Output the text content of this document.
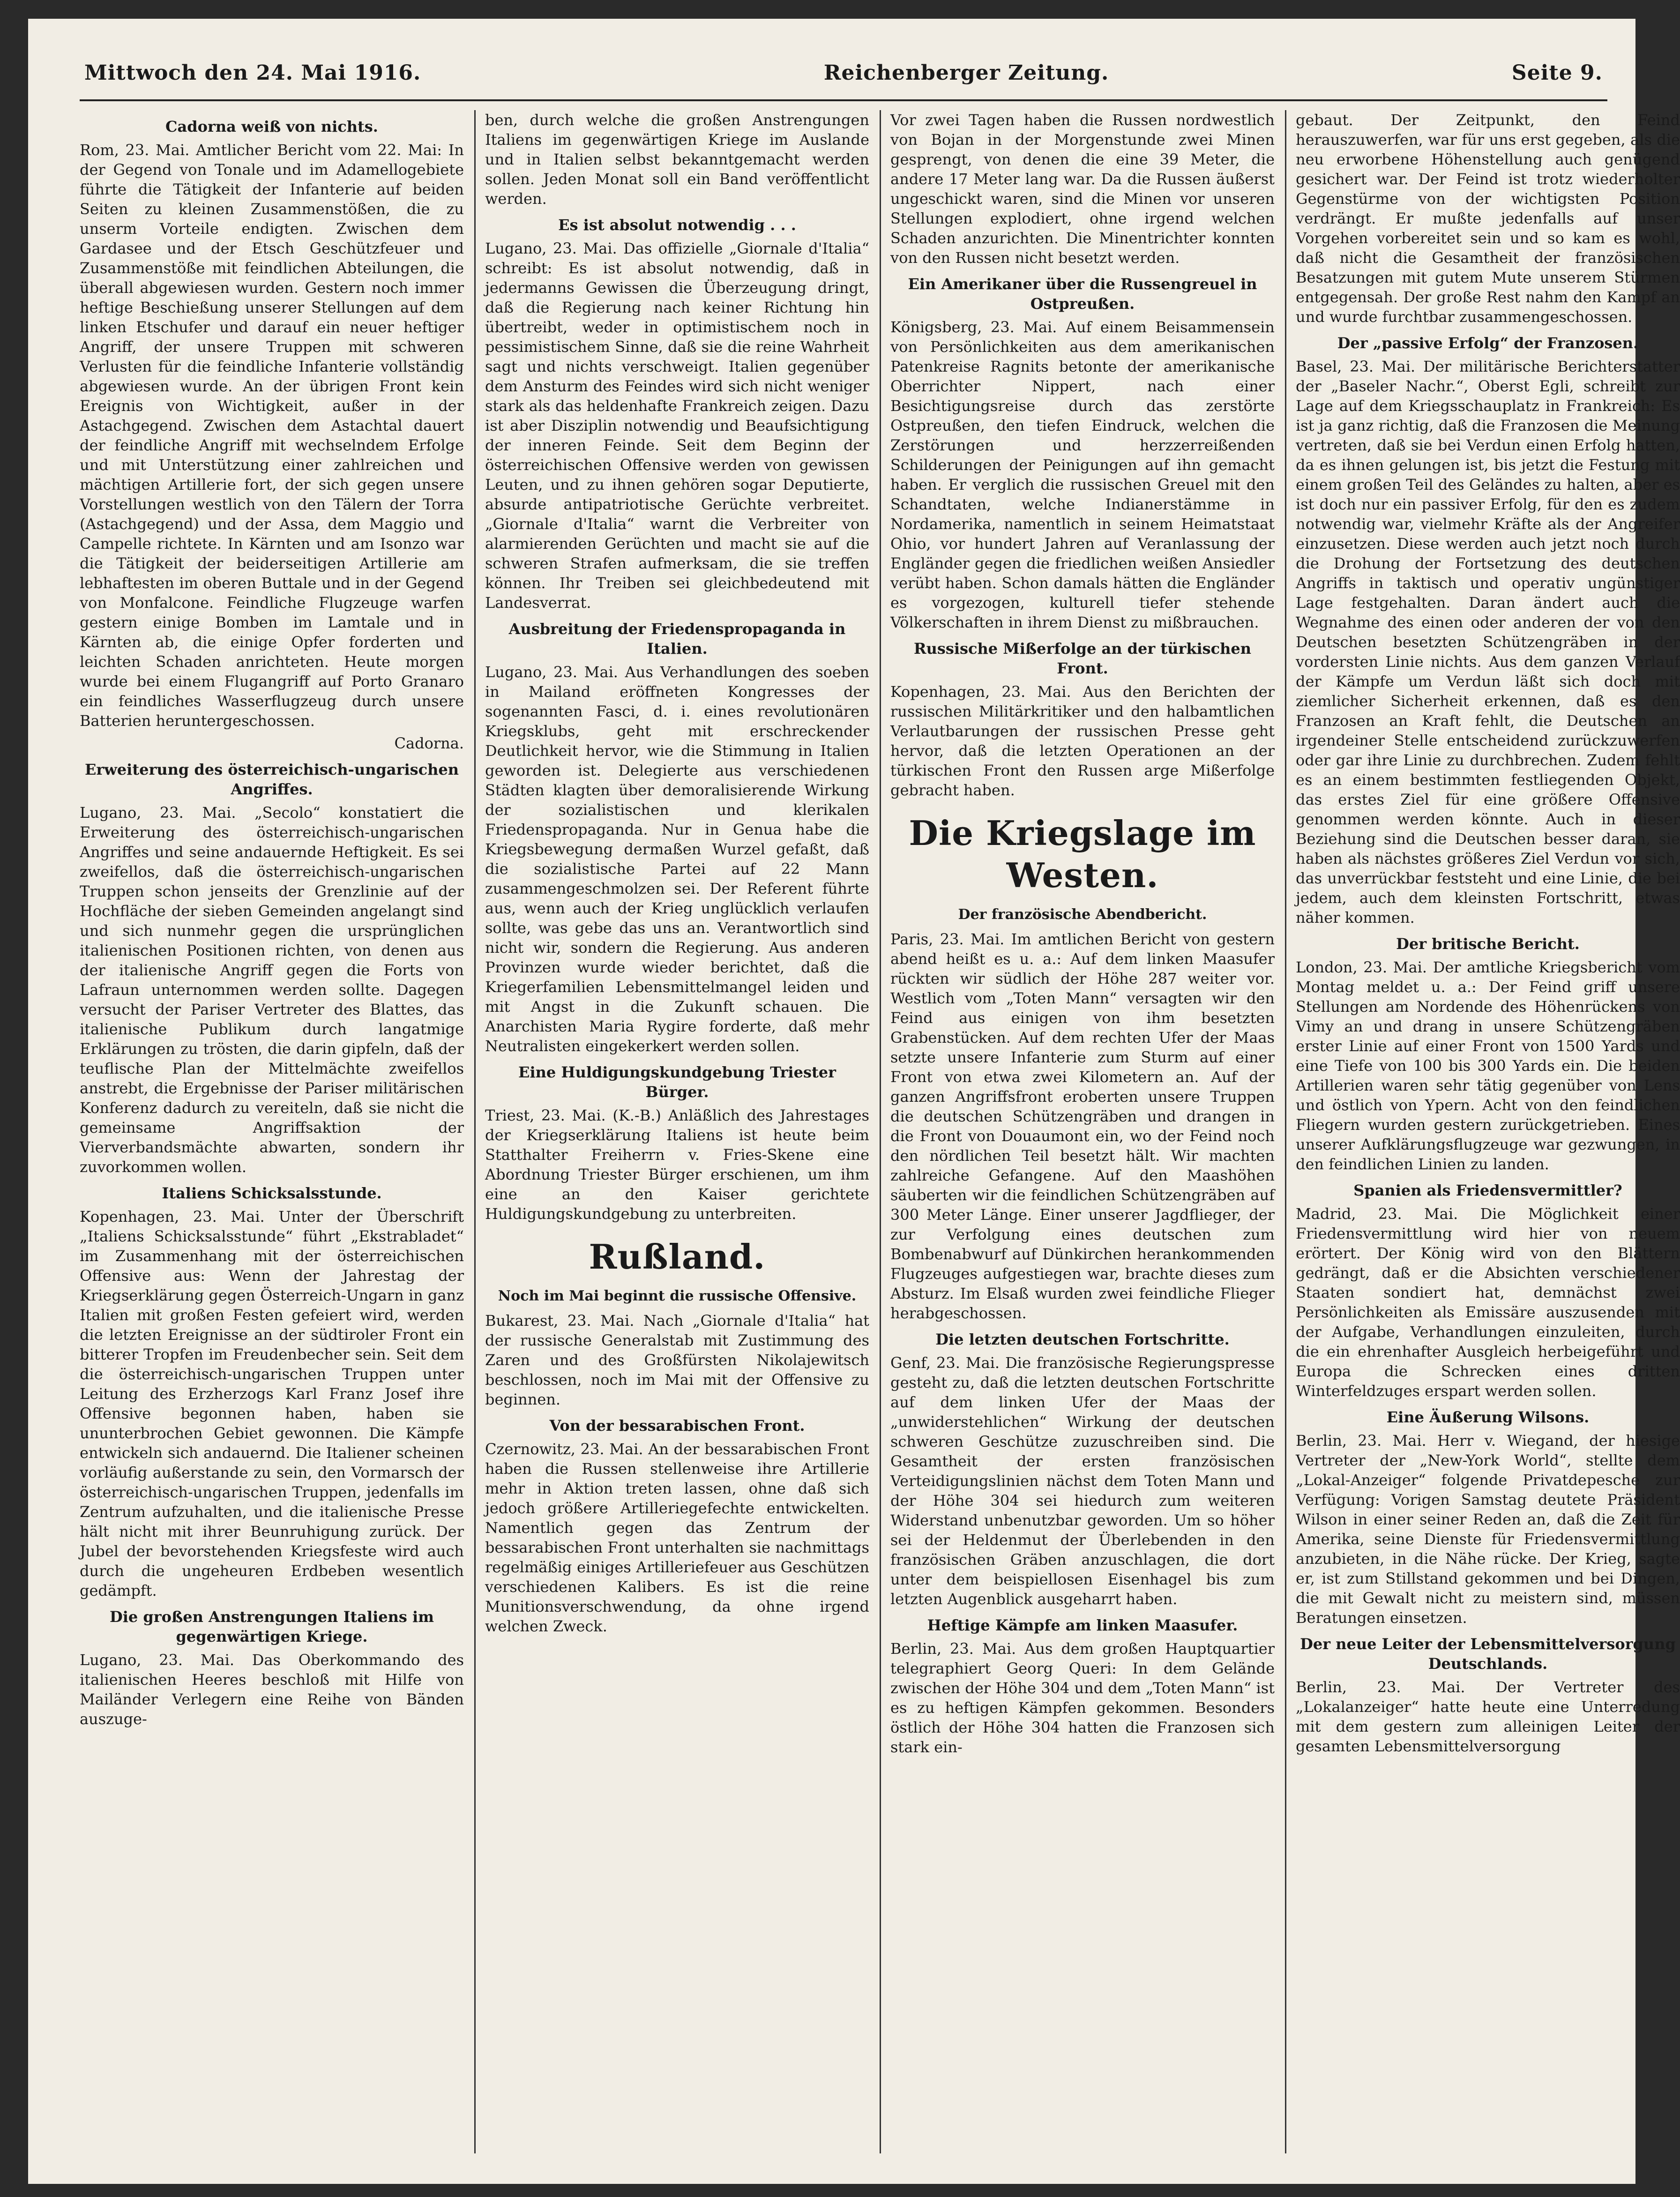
Mittwoch den 24. Mai 1916.	Reichenberger Zeitung.	Seite 9.
Cadorna weiß von nichts.
Rom, 23. Mai. Amtlicher Bericht vom 22. Mai: In der Gegend von Tonale und im Adamellogebiete führte die Tätigkeit der Infanterie auf beiden Seiten zu kleinen Zusammenstößen, die zu unserm Vorteile endigten. Zwischen dem Gardasee und der Etsch Geschützfeuer und Zusammenstöße mit feindlichen Abteilungen, die überall abgewiesen wurden. Gestern noch immer heftige Beschießung unserer Stellungen auf dem linken Etschufer und darauf ein neuer heftiger Angriff, der unsere Truppen mit schweren Verlusten für die feindliche Infanterie vollständig abgewiesen wurde. An der übrigen Front kein Ereignis von Wichtigkeit, außer in der Astachgegend. Zwischen dem Astachtal dauert der feindliche Angriff mit wechselndem Erfolge und mit Unterstützung einer zahlreichen und mächtigen Artillerie fort, der sich gegen unsere Vorstellungen westlich von den Tälern der Torra (Astachgegend) und der Assa, dem Maggio und Campelle richtete. In Kärnten und am Isonzo war die Tätigkeit der beiderseitigen Artillerie am lebhaftesten im oberen Buttale und in der Gegend von Monfalcone. Feindliche Flugzeuge warfen gestern einige Bomben im Lamtale und in Kärnten ab, die einige Opfer forderten und leichten Schaden anrichteten. Heute morgen wurde bei einem Flugangriff auf Porto Granaro ein feindliches Wasserflugzeug durch unsere Batterien heruntergeschossen.
Cadorna.
Erweiterung des österreichisch-ungarischen Angriffes.
Lugano, 23. Mai. „Secolo“ konstatiert die Erweiterung des österreichisch-ungarischen Angriffes und seine andauernde Heftigkeit. Es sei zweifellos, daß die österreichisch-ungarischen Truppen schon jenseits der Grenzlinie auf der Hochfläche der sieben Gemeinden angelangt sind und sich nunmehr gegen die ursprünglichen italienischen Positionen richten, von denen aus der italienische Angriff gegen die Forts von Lafraun unternommen werden sollte. Dagegen versucht der Pariser Vertreter des Blattes, das italienische Publikum durch langatmige Erklärungen zu trösten, die darin gipfeln, daß der teuflische Plan der Mittelmächte zweifellos anstrebt, die Ergebnisse der Pariser militärischen Konferenz dadurch zu vereiteln, daß sie nicht die gemeinsame Angriffsaktion der Vierverbandsmächte abwarten, sondern ihr zuvorkommen wollen.
Italiens Schicksalsstunde.
Kopenhagen, 23. Mai. Unter der Überschrift „Italiens Schicksalsstunde“ führt „Ekstrabladet“ im Zusammenhang mit der österreichischen Offensive aus: Wenn der Jahrestag der Kriegserklärung gegen Österreich-Ungarn in ganz Italien mit großen Festen gefeiert wird, werden die letzten Ereignisse an der südtiroler Front ein bitterer Tropfen im Freudenbecher sein. Seit dem die österreichisch-ungarischen Truppen unter Leitung des Erzherzogs Karl Franz Josef ihre Offensive begonnen haben, haben sie ununterbrochen Gebiet gewonnen. Die Kämpfe entwickeln sich andauernd. Die Italiener scheinen vorläufig außerstande zu sein, den Vormarsch der österreichisch-ungarischen Truppen, jedenfalls im Zentrum aufzuhalten, und die italienische Presse hält nicht mit ihrer Beunruhigung zurück. Der Jubel der bevorstehenden Kriegsfeste wird auch durch die ungeheuren Erdbeben wesentlich gedämpft.
Die großen Anstrengungen Italiens im gegenwärtigen Kriege.
Lugano, 23. Mai. Das Oberkommando des italienischen Heeres beschloß mit Hilfe von Mailänder Verlegern eine Reihe von Bänden auszuge-
ben, durch welche die großen Anstrengungen Italiens im gegenwärtigen Kriege im Auslande und in Italien selbst bekanntgemacht werden sollen. Jeden Monat soll ein Band veröffentlicht werden.
Es ist absolut notwendig . . .
Lugano, 23. Mai. Das offizielle „Giornale d'Italia“ schreibt: Es ist absolut notwendig, daß in jedermanns Gewissen die Überzeugung dringt, daß die Regierung nach keiner Richtung hin übertreibt, weder in optimistischem noch in pessimistischem Sinne, daß sie die reine Wahrheit sagt und nichts verschweigt. Italien gegenüber dem Ansturm des Feindes wird sich nicht weniger stark als das heldenhafte Frankreich zeigen. Dazu ist aber Disziplin notwendig und Beaufsichtigung der inneren Feinde. Seit dem Beginn der österreichischen Offensive werden von gewissen Leuten, und zu ihnen gehören sogar Deputierte, absurde antipatriotische Gerüchte verbreitet. „Giornale d'Italia“ warnt die Verbreiter von alarmierenden Gerüchten und macht sie auf die schweren Strafen aufmerksam, die sie treffen können. Ihr Treiben sei gleichbedeutend mit Landesverrat.
Ausbreitung der Friedenspropaganda in Italien.
Lugano, 23. Mai. Aus Verhandlungen des soeben in Mailand eröffneten Kongresses der sogenannten Fasci, d. i. eines revolutionären Kriegsklubs, geht mit erschreckender Deutlichkeit hervor, wie die Stimmung in Italien geworden ist. Delegierte aus verschiedenen Städten klagten über demoralisierende Wirkung der sozialistischen und klerikalen Friedenspropaganda. Nur in Genua habe die Kriegsbewegung dermaßen Wurzel gefaßt, daß die sozialistische Partei auf 22 Mann zusammengeschmolzen sei. Der Referent führte aus, wenn auch der Krieg unglücklich verlaufen sollte, was gebe das uns an. Verantwortlich sind nicht wir, sondern die Regierung. Aus anderen Provinzen wurde wieder berichtet, daß die Kriegerfamilien Lebensmittelmangel leiden und mit Angst in die Zukunft schauen. Die Anarchisten Maria Rygire forderte, daß mehr Neutralisten eingekerkert werden sollen.
Eine Huldigungskundgebung Triester Bürger.
Triest, 23. Mai. (K.-B.) Anläßlich des Jahrestages der Kriegserklärung Italiens ist heute beim Statthalter Freiherrn v. Fries-Skene eine Abordnung Triester Bürger erschienen, um ihm eine an den Kaiser gerichtete Huldigungskundgebung zu unterbreiten.
Rußland.
Noch im Mai beginnt die russische Offensive.
Bukarest, 23. Mai. Nach „Giornale d'Italia“ hat der russische Generalstab mit Zustimmung des Zaren und des Großfürsten Nikolajewitsch beschlossen, noch im Mai mit der Offensive zu beginnen.
Von der bessarabischen Front.
Czernowitz, 23. Mai. An der bessarabischen Front haben die Russen stellenweise ihre Artillerie mehr in Aktion treten lassen, ohne daß sich jedoch größere Artilleriegefechte entwickelten. Namentlich gegen das Zentrum der bessarabischen Front unterhalten sie nachmittags regelmäßig einiges Artilleriefeuer aus Geschützen verschiedenen Kalibers. Es ist die reine Munitionsverschwendung, da ohne irgend welchen Zweck.
Vor zwei Tagen haben die Russen nordwestlich von Bojan in der Morgenstunde zwei Minen gesprengt, von denen die eine 39 Meter, die andere 17 Meter lang war. Da die Russen äußerst ungeschickt waren, sind die Minen vor unseren Stellungen explodiert, ohne irgend welchen Schaden anzurichten. Die Minentrichter konnten von den Russen nicht besetzt werden.
Ein Amerikaner über die Russengreuel in Ostpreußen.
Königsberg, 23. Mai. Auf einem Beisammensein von Persönlichkeiten aus dem amerikanischen Patenkreise Ragnits betonte der amerikanische Oberrichter Nippert, nach einer Besichtigungsreise durch das zerstörte Ostpreußen, den tiefen Eindruck, welchen die Zerstörungen und herzzerreißenden Schilderungen der Peinigungen auf ihn gemacht haben. Er verglich die russischen Greuel mit den Schandtaten, welche Indianerstämme in Nordamerika, namentlich in seinem Heimatstaat Ohio, vor hundert Jahren auf Veranlassung der Engländer gegen die friedlichen weißen Ansiedler verübt haben. Schon damals hätten die Engländer es vorgezogen, kulturell tiefer stehende Völkerschaften in ihrem Dienst zu mißbrauchen.
Russische Mißerfolge an der türkischen Front.
Kopenhagen, 23. Mai. Aus den Berichten der russischen Militärkritiker und den halbamtlichen Verlautbarungen der russischen Presse geht hervor, daß die letzten Operationen an der türkischen Front den Russen arge Mißerfolge gebracht haben.
Die Kriegslage im Westen.
Der französische Abendbericht.
Paris, 23. Mai. Im amtlichen Bericht von gestern abend heißt es u. a.: Auf dem linken Maasufer rückten wir südlich der Höhe 287 weiter vor. Westlich vom „Toten Mann“ versagten wir den Feind aus einigen von ihm besetzten Grabenstücken. Auf dem rechten Ufer der Maas setzte unsere Infanterie zum Sturm auf einer Front von etwa zwei Kilometern an. Auf der ganzen Angriffsfront eroberten unsere Truppen die deutschen Schützengräben und drangen in die Front von Douaumont ein, wo der Feind noch den nördlichen Teil besetzt hält. Wir machten zahlreiche Gefangene. Auf den Maashöhen säuberten wir die feindlichen Schützengräben auf 300 Meter Länge. Einer unserer Jagdflieger, der zur Verfolgung eines deutschen zum Bombenabwurf auf Dünkirchen herankommenden Flugzeuges aufgestiegen war, brachte dieses zum Absturz. Im Elsaß wurden zwei feindliche Flieger herabgeschossen.
Die letzten deutschen Fortschritte.
Genf, 23. Mai. Die französische Regierungspresse gesteht zu, daß die letzten deutschen Fortschritte auf dem linken Ufer der Maas der „unwiderstehlichen“ Wirkung der deutschen schweren Geschütze zuzuschreiben sind. Die Gesamtheit der ersten französischen Verteidigungslinien nächst dem Toten Mann und der Höhe 304 sei hiedurch zum weiteren Widerstand unbenutzbar geworden. Um so höher sei der Heldenmut der Überlebenden in den französischen Gräben anzuschlagen, die dort unter dem beispiellosen Eisenhagel bis zum letzten Augenblick ausgeharrt haben.
Heftige Kämpfe am linken Maasufer.
Berlin, 23. Mai. Aus dem großen Hauptquartier telegraphiert Georg Queri: In dem Gelände zwischen der Höhe 304 und dem „Toten Mann“ ist es zu heftigen Kämpfen gekommen. Besonders östlich der Höhe 304 hatten die Franzosen sich stark ein-
gebaut. Der Zeitpunkt, den Feind herauszuwerfen, war für uns erst gegeben, als die neu erworbene Höhenstellung auch genügend gesichert war. Der Feind ist trotz wiederholter Gegenstürme von der wichtigsten Position verdrängt. Er mußte jedenfalls auf unser Vorgehen vorbereitet sein und so kam es wohl, daß nicht die Gesamtheit der französischen Besatzungen mit gutem Mute unserem Stürmen entgegensah. Der große Rest nahm den Kampf an und wurde furchtbar zusammengeschossen.
Der „passive Erfolg“ der Franzosen.
Basel, 23. Mai. Der militärische Berichterstatter der „Baseler Nachr.“, Oberst Egli, schreibt zur Lage auf dem Kriegsschauplatz in Frankreich: Es ist ja ganz richtig, daß die Franzosen die Meinung vertreten, daß sie bei Verdun einen Erfolg hatten, da es ihnen gelungen ist, bis jetzt die Festung mit einem großen Teil des Geländes zu halten, aber es ist doch nur ein passiver Erfolg, für den es zudem notwendig war, vielmehr Kräfte als der Angreifer einzusetzen. Diese werden auch jetzt noch durch die Drohung der Fortsetzung des deutschen Angriffs in taktisch und operativ ungünstiger Lage festgehalten. Daran ändert auch die Wegnahme des einen oder anderen der von den Deutschen besetzten Schützengräben in der vordersten Linie nichts. Aus dem ganzen Verlauf der Kämpfe um Verdun läßt sich doch mit ziemlicher Sicherheit erkennen, daß es den Franzosen an Kraft fehlt, die Deutschen an irgendeiner Stelle entscheidend zurückzuwerfen oder gar ihre Linie zu durchbrechen. Zudem fehlt es an einem bestimmten festliegenden Objekt, das erstes Ziel für eine größere Offensive genommen werden könnte. Auch in dieser Beziehung sind die Deutschen besser daran, sie haben als nächstes größeres Ziel Verdun vor sich, das unverrückbar feststeht und eine Linie, die bei jedem, auch dem kleinsten Fortschritt, etwas näher kommen.
Der britische Bericht.
London, 23. Mai. Der amtliche Kriegsbericht vom Montag meldet u. a.: Der Feind griff unsere Stellungen am Nordende des Höhenrückens von Vimy an und drang in unsere Schützengräben erster Linie auf einer Front von 1500 Yards und eine Tiefe von 100 bis 300 Yards ein. Die beiden Artillerien waren sehr tätig gegenüber von Lens und östlich von Ypern. Acht von den feindlichen Fliegern wurden gestern zurückgetrieben. Eines unserer Aufklärungsflugzeuge war gezwungen, in den feindlichen Linien zu landen.
Spanien als Friedensvermittler?
Madrid, 23. Mai. Die Möglichkeit einer Friedensvermittlung wird hier von neuem erörtert. Der König wird von den Blättern gedrängt, daß er die Absichten verschiedener Staaten sondiert hat, demnächst zwei Persönlichkeiten als Emissäre auszusenden mit der Aufgabe, Verhandlungen einzuleiten, durch die ein ehrenhafter Ausgleich herbeigeführt und Europa die Schrecken eines dritten Winterfeldzuges erspart werden sollen.
Eine Äußerung Wilsons.
Berlin, 23. Mai. Herr v. Wiegand, der hiesige Vertreter der „New-York World“, stellte dem „Lokal-Anzeiger“ folgende Privatdepesche zur Verfügung: Vorigen Samstag deutete Präsident Wilson in einer seiner Reden an, daß die Zeit für Amerika, seine Dienste für Friedensvermittlung anzubieten, in die Nähe rücke. Der Krieg, sagte er, ist zum Stillstand gekommen und bei Dingen, die mit Gewalt nicht zu meistern sind, müssen Beratungen einsetzen.
Der neue Leiter der Lebensmittelversorgung Deutschlands.
Berlin, 23. Mai. Der Vertreter des „Lokalanzeiger“ hatte heute eine Unterredung mit dem gestern zum alleinigen Leiter der gesamten Lebensmittelversorgung
